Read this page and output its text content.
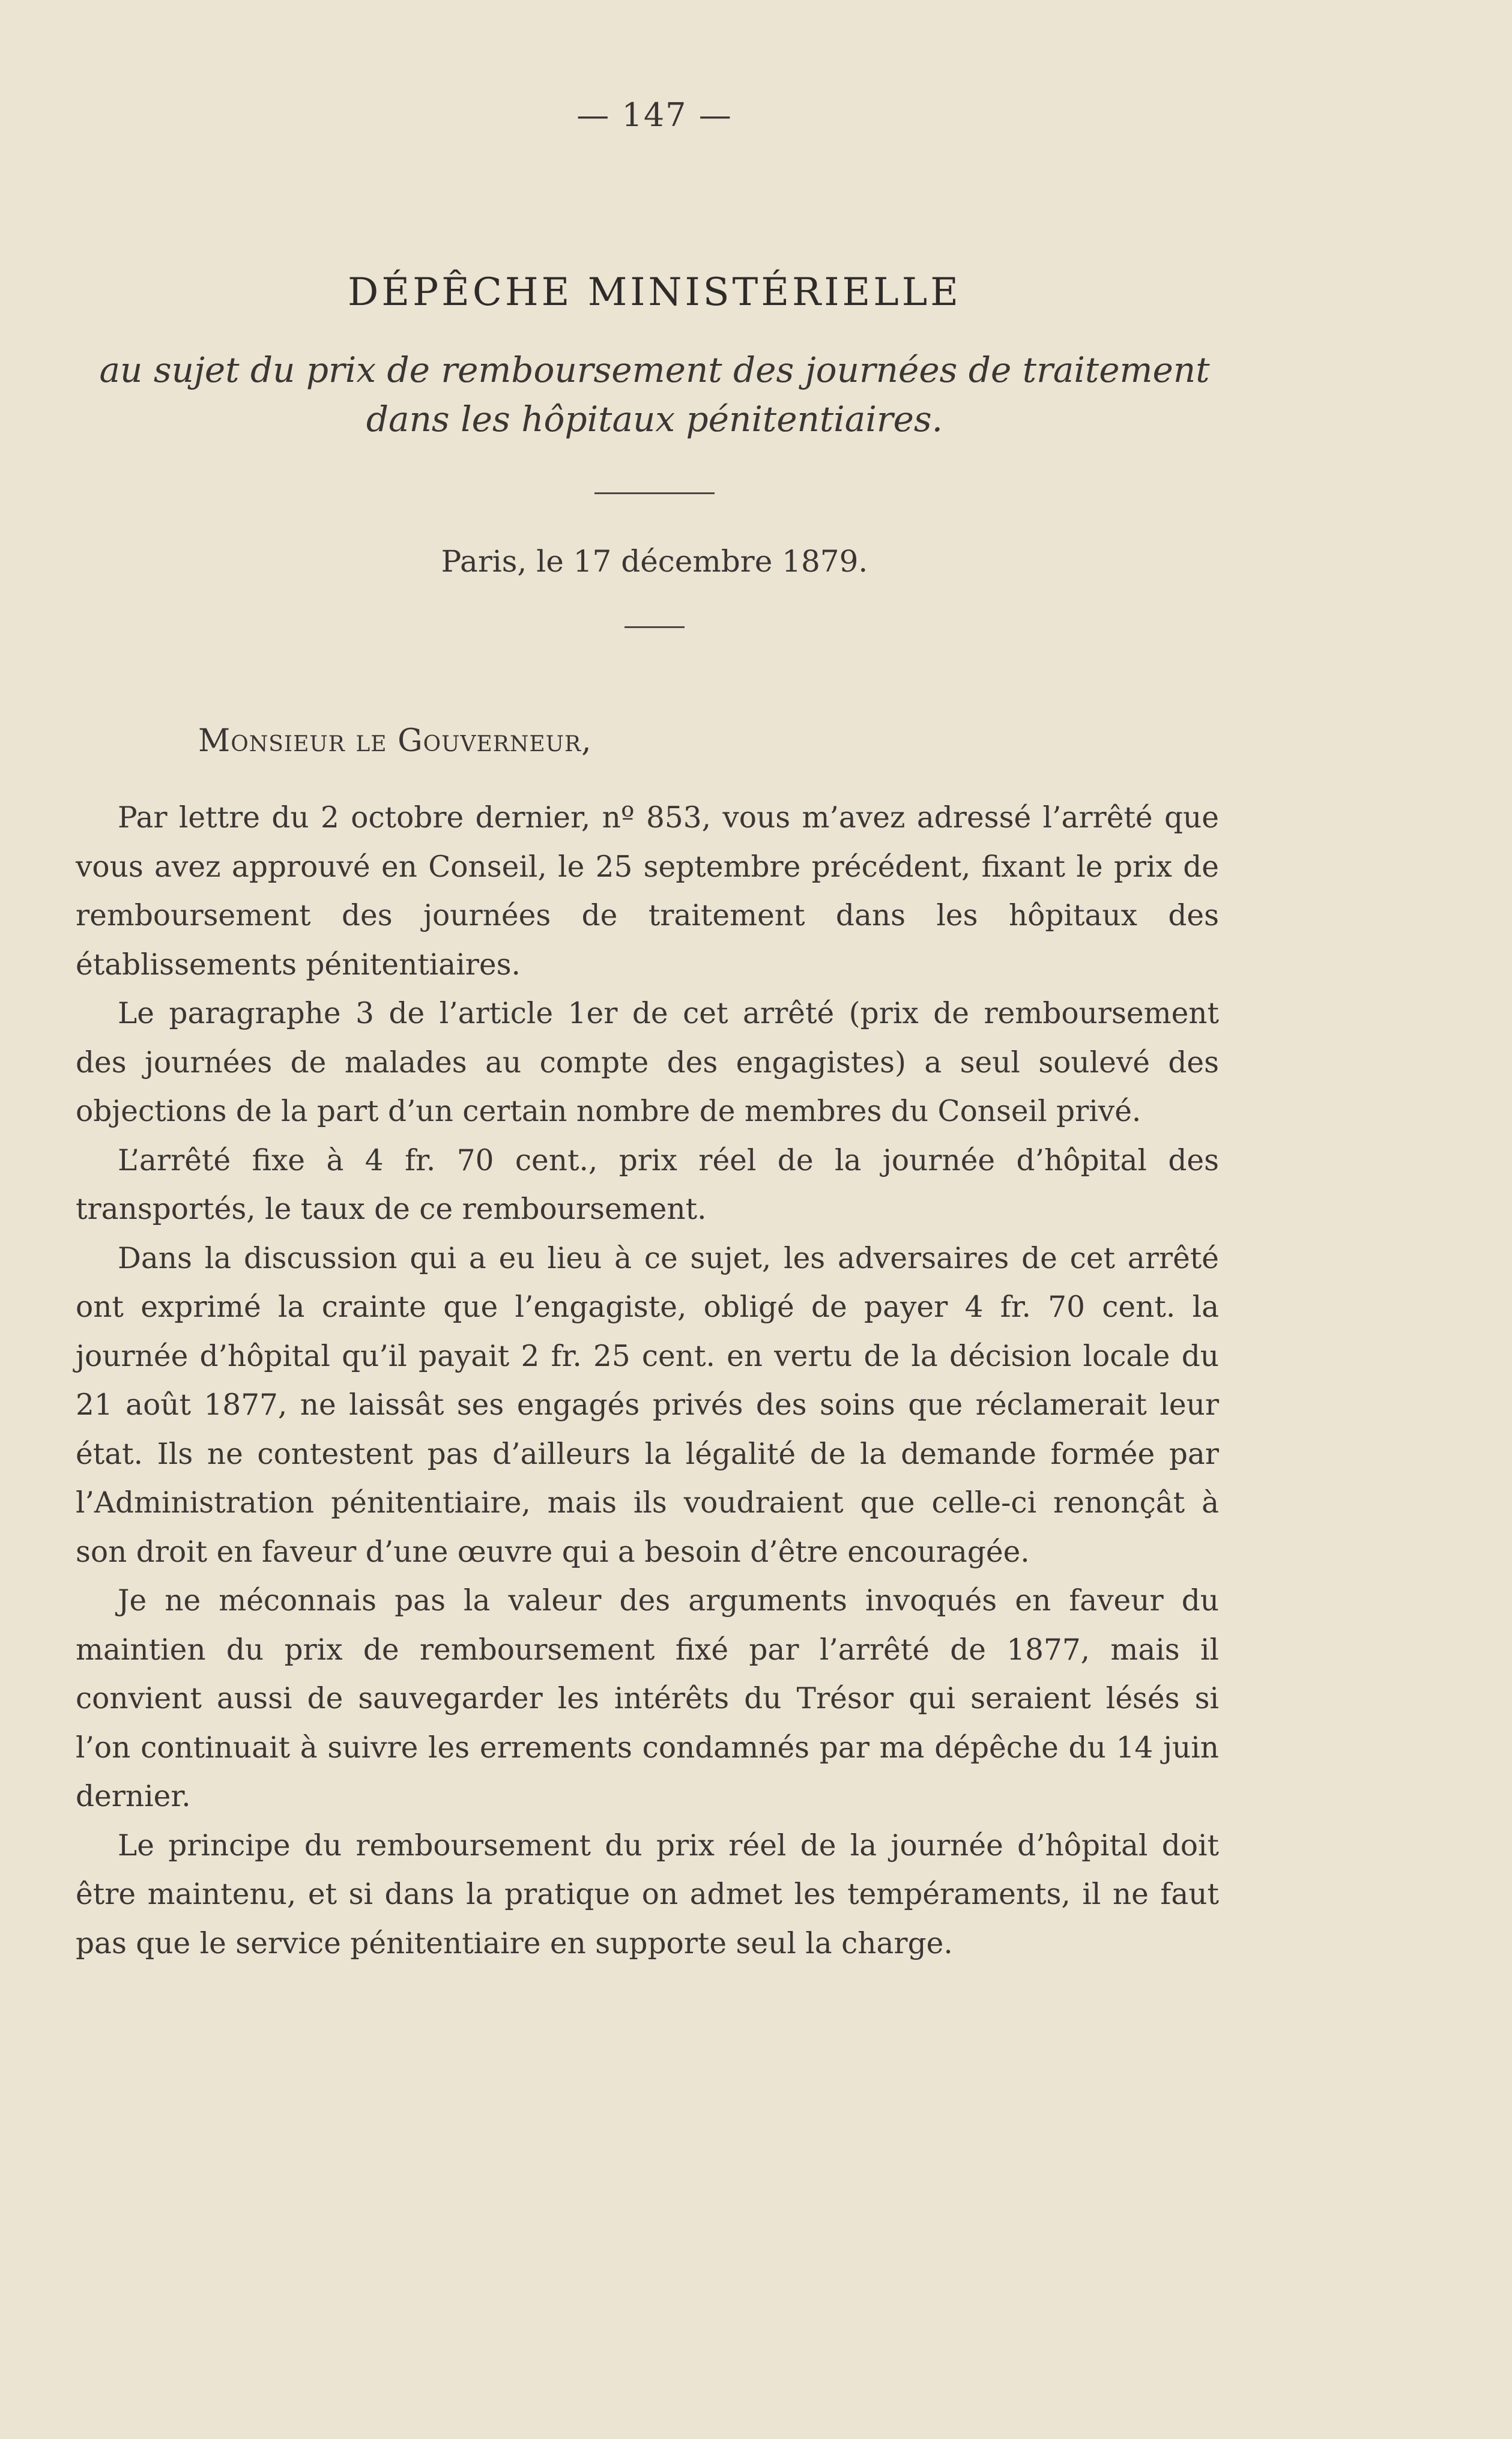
— 147 —
DÉPÊCHE MINISTÉRIELLE
au sujet du prix de remboursement des journées de traitement
dans les hôpitaux pénitentiaires.
Paris, le 17 décembre 1879.
Monsieur le Gouverneur,

Par lettre du 2 octobre dernier, nº 853, vous m’avez adressé l’arrêté que vous avez approuvé en Conseil, le 25 septembre précédent, fixant le prix de remboursement des journées de traitement dans les hôpitaux des établissements pénitentiaires.

Le paragraphe 3 de l’article 1er de cet arrêté (prix de remboursement des journées de malades au compte des engagistes) a seul soulevé des objections de la part d’un certain nombre de membres du Conseil privé.

L’arrêté fixe à 4 fr. 70 cent., prix réel de la journée d’hôpital des transportés, le taux de ce remboursement.

Dans la discussion qui a eu lieu à ce sujet, les adversaires de cet arrêté ont exprimé la crainte que l’engagiste, obligé de payer 4 fr. 70 cent. la journée d’hôpital qu’il payait 2 fr. 25 cent. en vertu de la décision locale du 21 août 1877, ne laissât ses engagés privés des soins que réclamerait leur état. Ils ne contestent pas d’ailleurs la légalité de la demande formée par l’Administration pénitentiaire, mais ils voudraient que celle-ci renonçât à son droit en faveur d’une œuvre qui a besoin d’être encouragée.

Je ne méconnais pas la valeur des arguments invoqués en faveur du maintien du prix de remboursement fixé par l’arrêté de 1877, mais il convient aussi de sauvegarder les intérêts du Trésor qui seraient lésés si l’on continuait à suivre les errements condamnés par ma dépêche du 14 juin dernier.

Le principe du remboursement du prix réel de la journée d’hôpital doit être maintenu, et si dans la pratique on admet les tempéraments, il ne faut pas que le service pénitentiaire en supporte seul la charge.
